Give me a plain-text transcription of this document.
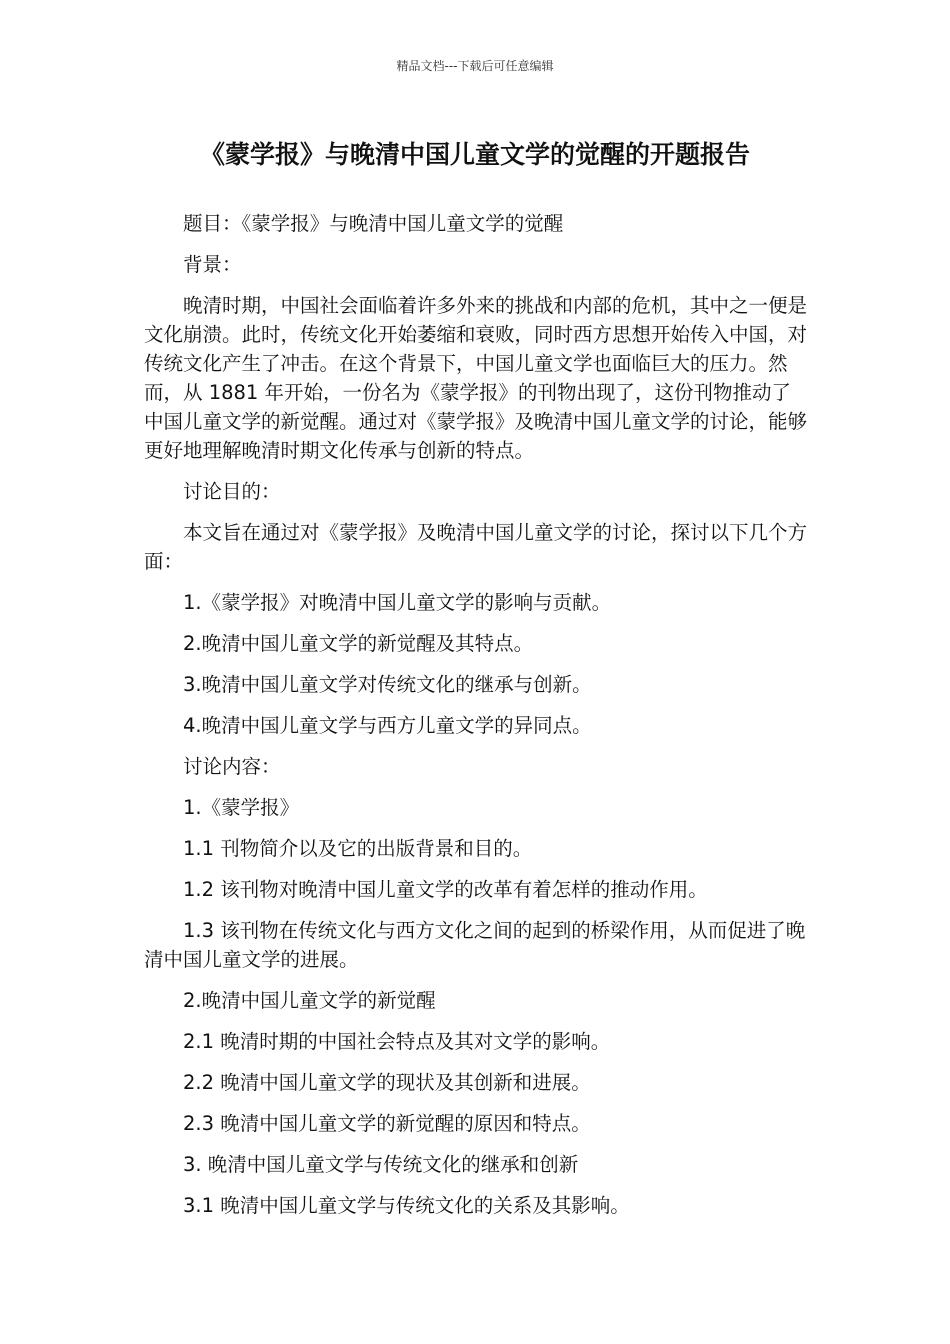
精品文档---下载后可任意编辑
《蒙学报》与晚清中国儿童文学的觉醒的开题报告

题目：《蒙学报》与晚清中国儿童文学的觉醒

背景：

晚清时期，中国社会面临着许多外来的挑战和内部的危机，其中之一便是文化崩溃。此时，传统文化开始萎缩和衰败，同时西方思想开始传入中国，对传统文化产生了冲击。在这个背景下，中国儿童文学也面临巨大的压力。然而，从 1881 年开始，一份名为《蒙学报》的刊物出现了，这份刊物推动了中国儿童文学的新觉醒。通过对《蒙学报》及晚清中国儿童文学的讨论，能够更好地理解晚清时期文化传承与创新的特点。

讨论目的：

本文旨在通过对《蒙学报》及晚清中国儿童文学的讨论，探讨以下几个方面：

1.《蒙学报》对晚清中国儿童文学的影响与贡献。

2.晚清中国儿童文学的新觉醒及其特点。

3.晚清中国儿童文学对传统文化的继承与创新。

4.晚清中国儿童文学与西方儿童文学的异同点。

讨论内容：

1.《蒙学报》

1.1 刊物简介以及它的出版背景和目的。

1.2 该刊物对晚清中国儿童文学的改革有着怎样的推动作用。

1.3 该刊物在传统文化与西方文化之间的起到的桥梁作用，从而促进了晚清中国儿童文学的进展。

2.晚清中国儿童文学的新觉醒

2.1 晚清时期的中国社会特点及其对文学的影响。

2.2 晚清中国儿童文学的现状及其创新和进展。

2.3 晚清中国儿童文学的新觉醒的原因和特点。

3. 晚清中国儿童文学与传统文化的继承和创新

3.1 晚清中国儿童文学与传统文化的关系及其影响。
